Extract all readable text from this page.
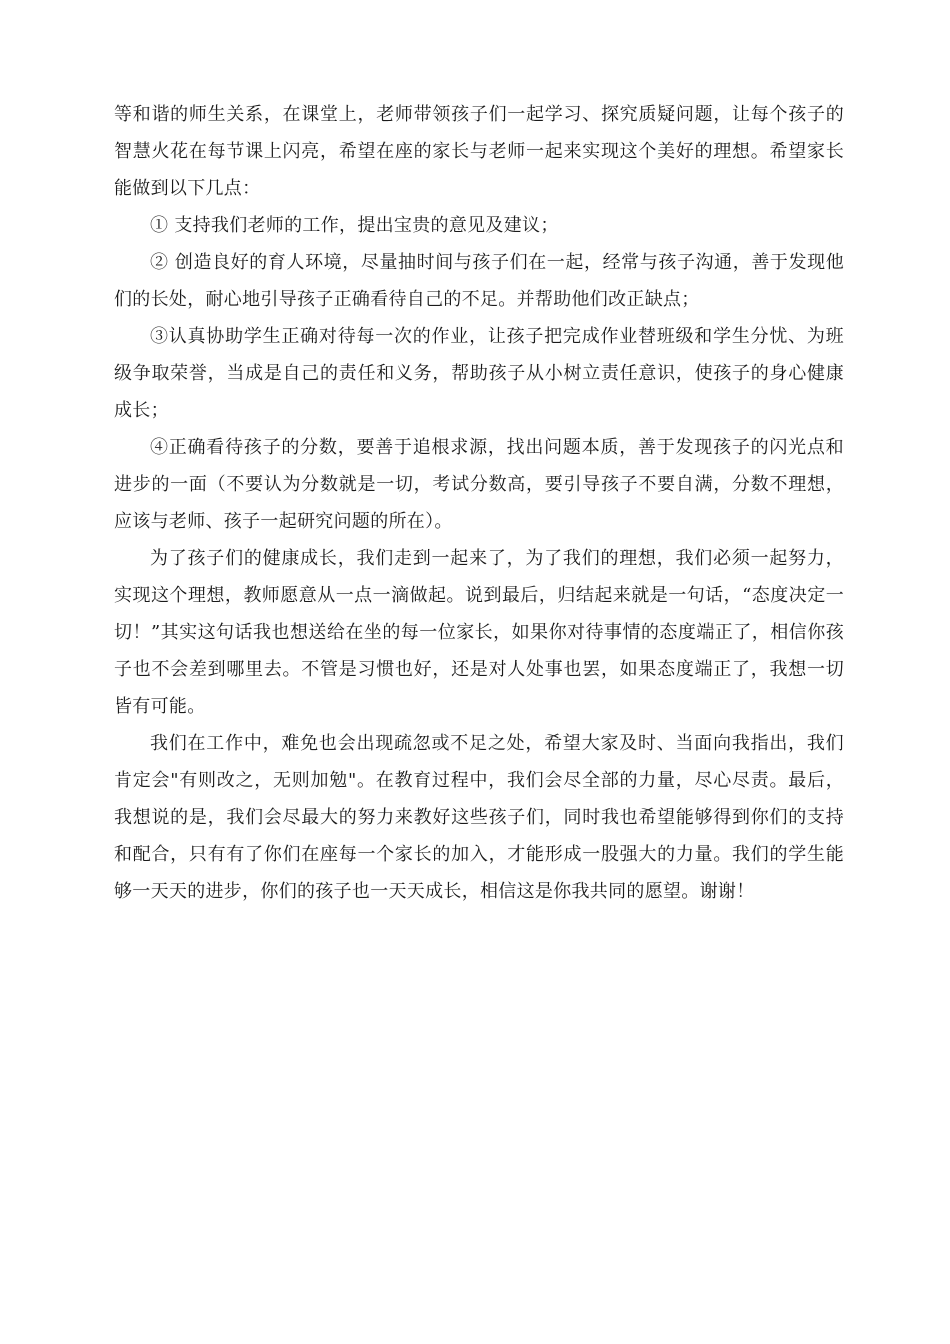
等和谐的师生关系，在课堂上，老师带领孩子们一起学习、探究质疑问题，让每个孩子的智慧火花在每节课上闪亮，希望在座的家长与老师一起来实现这个美好的理想。希望家长能做到以下几点：

① 支持我们老师的工作，提出宝贵的意见及建议；

② 创造良好的育人环境，尽量抽时间与孩子们在一起，经常与孩子沟通，善于发现他们的长处，耐心地引导孩子正确看待自己的不足。并帮助他们改正缺点；

③认真协助学生正确对待每一次的作业，让孩子把完成作业替班级和学生分忧、为班级争取荣誉，当成是自己的责任和义务，帮助孩子从小树立责任意识，使孩子的身心健康成长；

④正确看待孩子的分数，要善于追根求源，找出问题本质，善于发现孩子的闪光点和进步的一面（不要认为分数就是一切，考试分数高，要引导孩子不要自满，分数不理想，应该与老师、孩子一起研究问题的所在）。

为了孩子们的健康成长，我们走到一起来了，为了我们的理想，我们必须一起努力，实现这个理想，教师愿意从一点一滴做起。说到最后，归结起来就是一句话，“态度决定一切！”其实这句话我也想送给在坐的每一位家长，如果你对待事情的态度端正了，相信你孩子也不会差到哪里去。不管是习惯也好，还是对人处事也罢，如果态度端正了，我想一切皆有可能。

我们在工作中，难免也会出现疏忽或不足之处，希望大家及时、当面向我指出，我们肯定会"有则改之，无则加勉"。在教育过程中，我们会尽全部的力量，尽心尽责。最后，我想说的是，我们会尽最大的努力来教好这些孩子们，同时我也希望能够得到你们的支持和配合，只有有了你们在座每一个家长的加入，才能形成一股强大的力量。我们的学生能够一天天的进步，你们的孩子也一天天成长，相信这是你我共同的愿望。谢谢！
